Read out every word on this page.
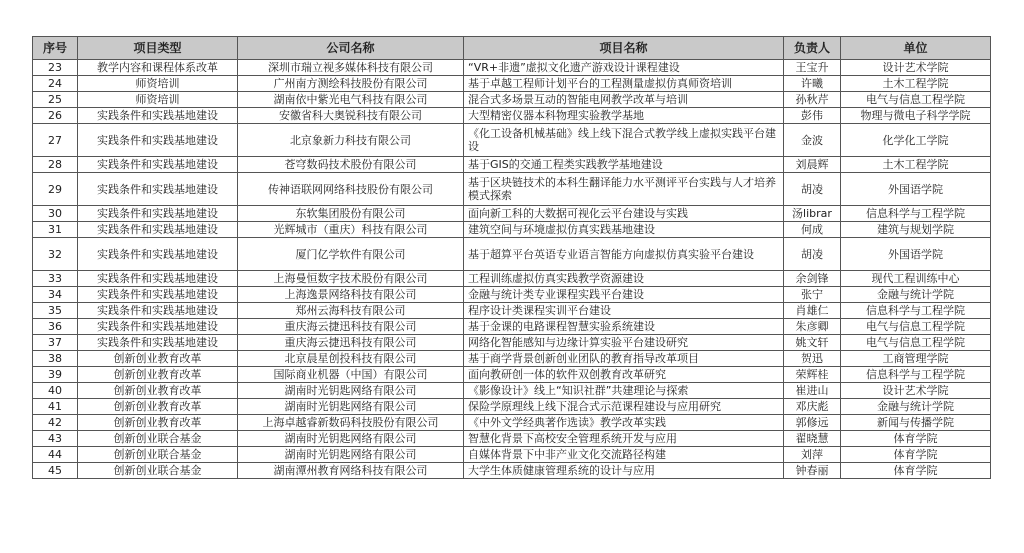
序号	项目类型	公司名称	项目名称	负责人	单位
23	教学内容和课程体系改革	深圳市瑞立视多媒体科技有限公司	“VR+非遗”虚拟文化遗产游戏设计课程建设	王宝升	设计艺术学院
24	师资培训	广州南方测绘科技股份有限公司	基于卓越工程师计划平台的工程测量虚拟仿真师资培训	许曦	土木工程学院
25	师资培训	湖南依中紫光电气科技有限公司	混合式多场景互动的智能电网教学改革与培训	孙秋芹	电气与信息工程学院
26	实践条件和实践基地建设	安徽省科大奥锐科技有限公司	大型精密仪器本科物理实验教学基地	彭伟	物理与微电子科学学院
27	实践条件和实践基地建设	北京象新力科技有限公司	《化工设备机械基础》线上线下混合式教学线上虚拟实践平台建设	金波	化学化工学院
28	实践条件和实践基地建设	苍穹数码技术股份有限公司	基于GIS的交通工程类实践教学基地建设	刘晨辉	土木工程学院
29	实践条件和实践基地建设	传神语联网网络科技股份有限公司	基于区块链技术的本科生翻译能力水平测评平台实践与人才培养模式探索	胡凌	外国语学院
30	实践条件和实践基地建设	东软集团股份有限公司	面向新工科的大数据可视化云平台建设与实践	汤librar	信息科学与工程学院
31	实践条件和实践基地建设	光辉城市（重庆）科技有限公司	建筑空间与环境虚拟仿真实践基地建设	何成	建筑与规划学院
32	实践条件和实践基地建设	厦门亿学软件有限公司	基于超算平台英语专业语言智能方向虚拟仿真实验平台建设	胡凌	外国语学院
33	实践条件和实践基地建设	上海曼恒数字技术股份有限公司	工程训练虚拟仿真实践教学资源建设	余剑锋	现代工程训练中心
34	实践条件和实践基地建设	上海逸景网络科技有限公司	金融与统计类专业课程实践平台建设	张宁	金融与统计学院
35	实践条件和实践基地建设	郑州云海科技有限公司	程序设计类课程实训平台建设	肖雄仁	信息科学与工程学院
36	实践条件和实践基地建设	重庆海云捷迅科技有限公司	基于金课的电路课程智慧实验系统建设	朱彦卿	电气与信息工程学院
37	实践条件和实践基地建设	重庆海云捷迅科技有限公司	网络化智能感知与边缘计算实验平台建设研究	姚文轩	电气与信息工程学院
38	创新创业教育改革	北京晨星创投科技有限公司	基于商学背景创新创业团队的教育指导改革项目	贺迅	工商管理学院
39	创新创业教育改革	国际商业机器（中国）有限公司	面向教研创一体的软件双创教育改革研究	荣辉桂	信息科学与工程学院
40	创新创业教育改革	湖南时光钥匙网络有限公司	《影像设计》线上“知识社群”共建理论与探索	崔进山	设计艺术学院
41	创新创业教育改革	湖南时光钥匙网络有限公司	保险学原理线上线下混合式示范课程建设与应用研究	邓庆彪	金融与统计学院
42	创新创业教育改革	上海卓越睿新数码科技股份有限公司	《中外文学经典著作选读》教学改革实践	郭修远	新闻与传播学院
43	创新创业联合基金	湖南时光钥匙网络有限公司	智慧化背景下高校安全管理系统开发与应用	翟晓慧	体育学院
44	创新创业联合基金	湖南时光钥匙网络有限公司	自媒体背景下中非产业文化交流路径构建	刘萍	体育学院
45	创新创业联合基金	湖南潭州教育网络科技有限公司	大学生体质健康管理系统的设计与应用	钟春丽	体育学院
